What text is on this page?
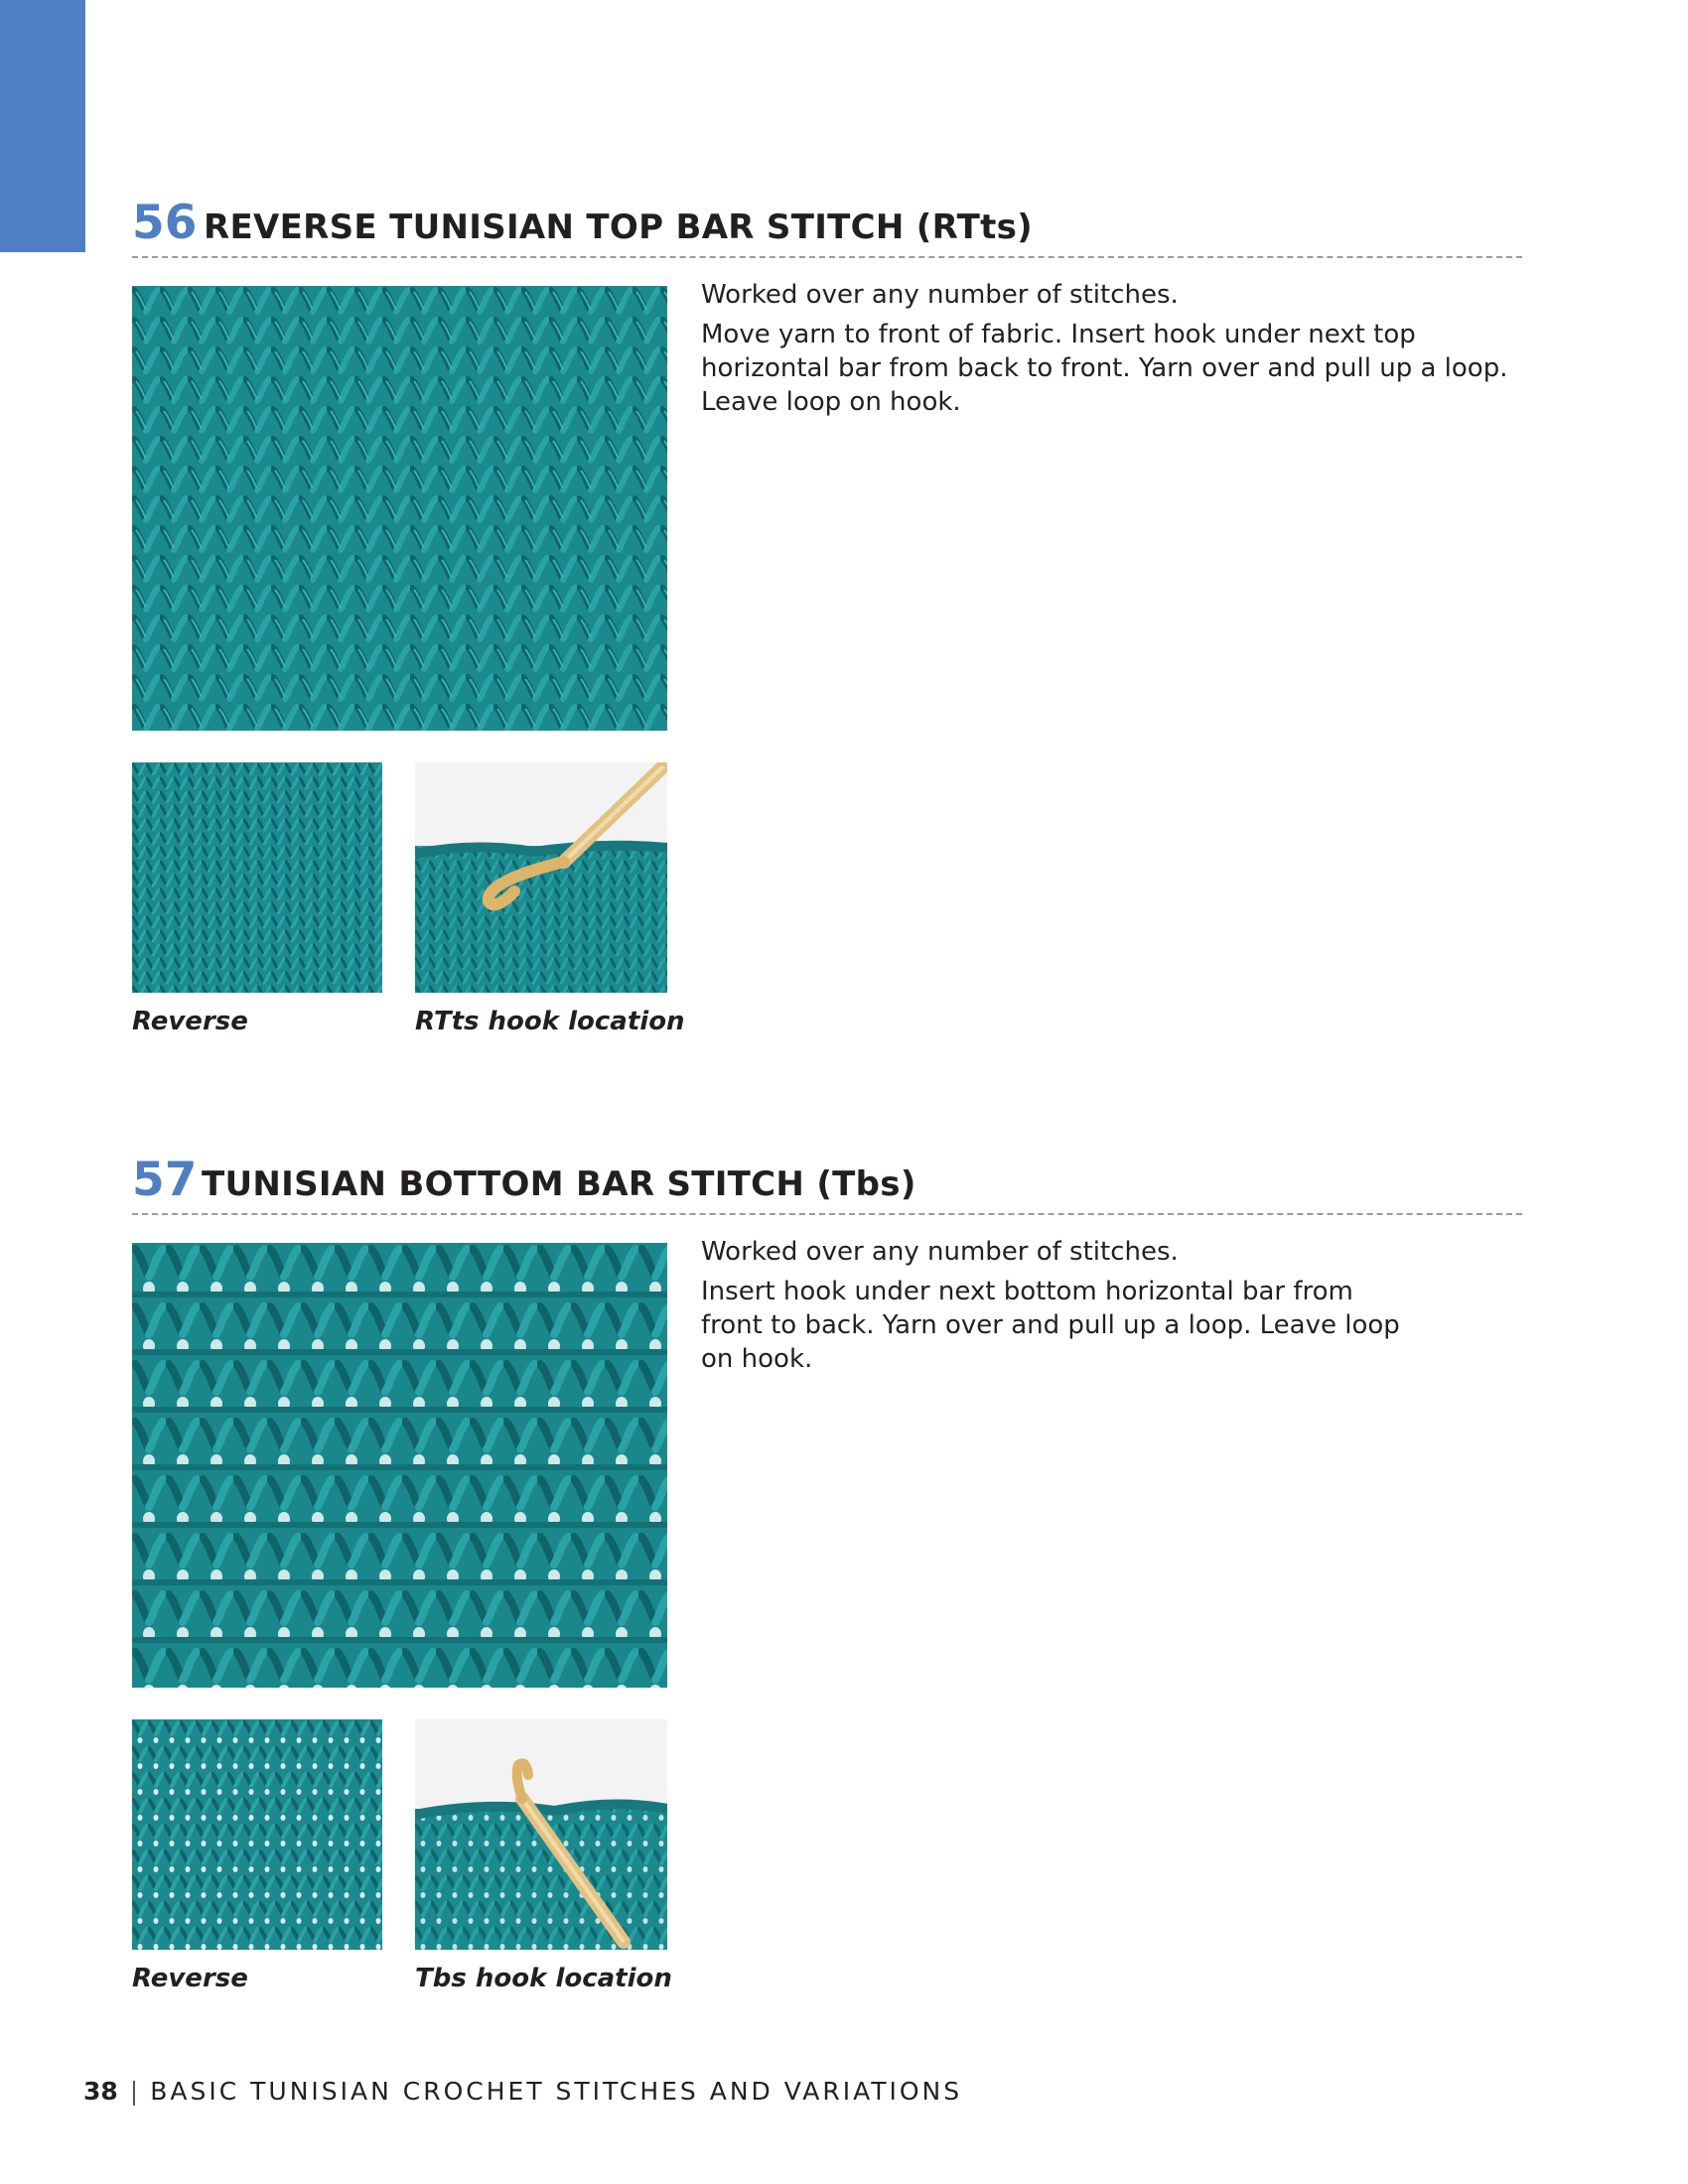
56 REVERSE TUNISIAN TOP BAR STITCH (RTts)
Reverse	RTts hook location

Worked over any number of stitches.

Move yarn to front of fabric. Insert hook under next top horizontal bar from back to front. Yarn over and pull up a loop. Leave loop on hook.

57 TUNISIAN BOTTOM BAR STITCH (Tbs)
Reverse	Tbs hook location

Worked over any number of stitches.

Insert hook under next bottom horizontal bar from front to back. Yarn over and pull up a loop. Leave loop on hook.

38 | BASIC TUNISIAN CROCHET STITCHES AND VARIATIONS
